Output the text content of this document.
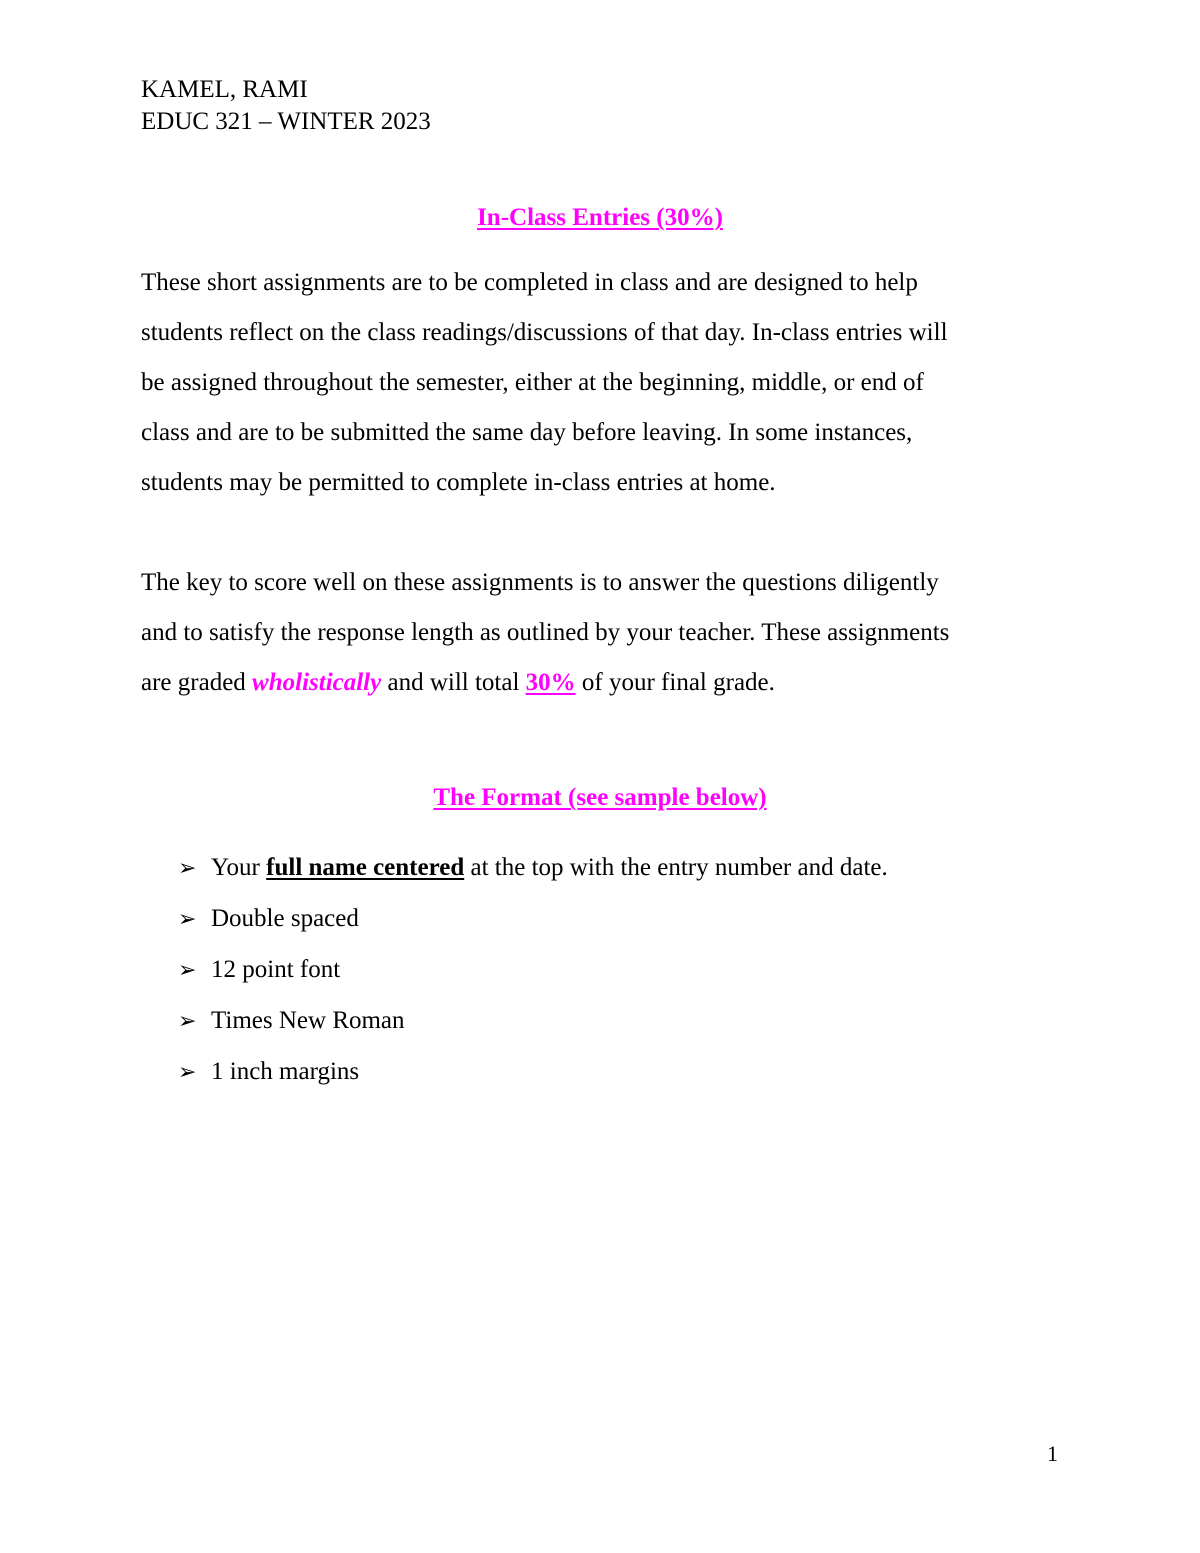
KAMEL, RAMI
EDUC 321 – WINTER 2023
In-Class Entries (30%)
These short assignments are to be completed in class and are designed to help
students reflect on the class readings/discussions of that day. In-class entries will
be assigned throughout the semester, either at the beginning, middle, or end of
class and are to be submitted the same day before leaving. In some instances,
students may be permitted to complete in-class entries at home.
The key to score well on these assignments is to answer the questions diligently
and to satisfy the response length as outlined by your teacher. These assignments
are graded wholistically and will total 30% of your final grade.
The Format (see sample below)
➢ Your full name centered at the top with the entry number and date.
➢ Double spaced
➢ 12 point font
➢ Times New Roman
➢ 1 inch margins
1
